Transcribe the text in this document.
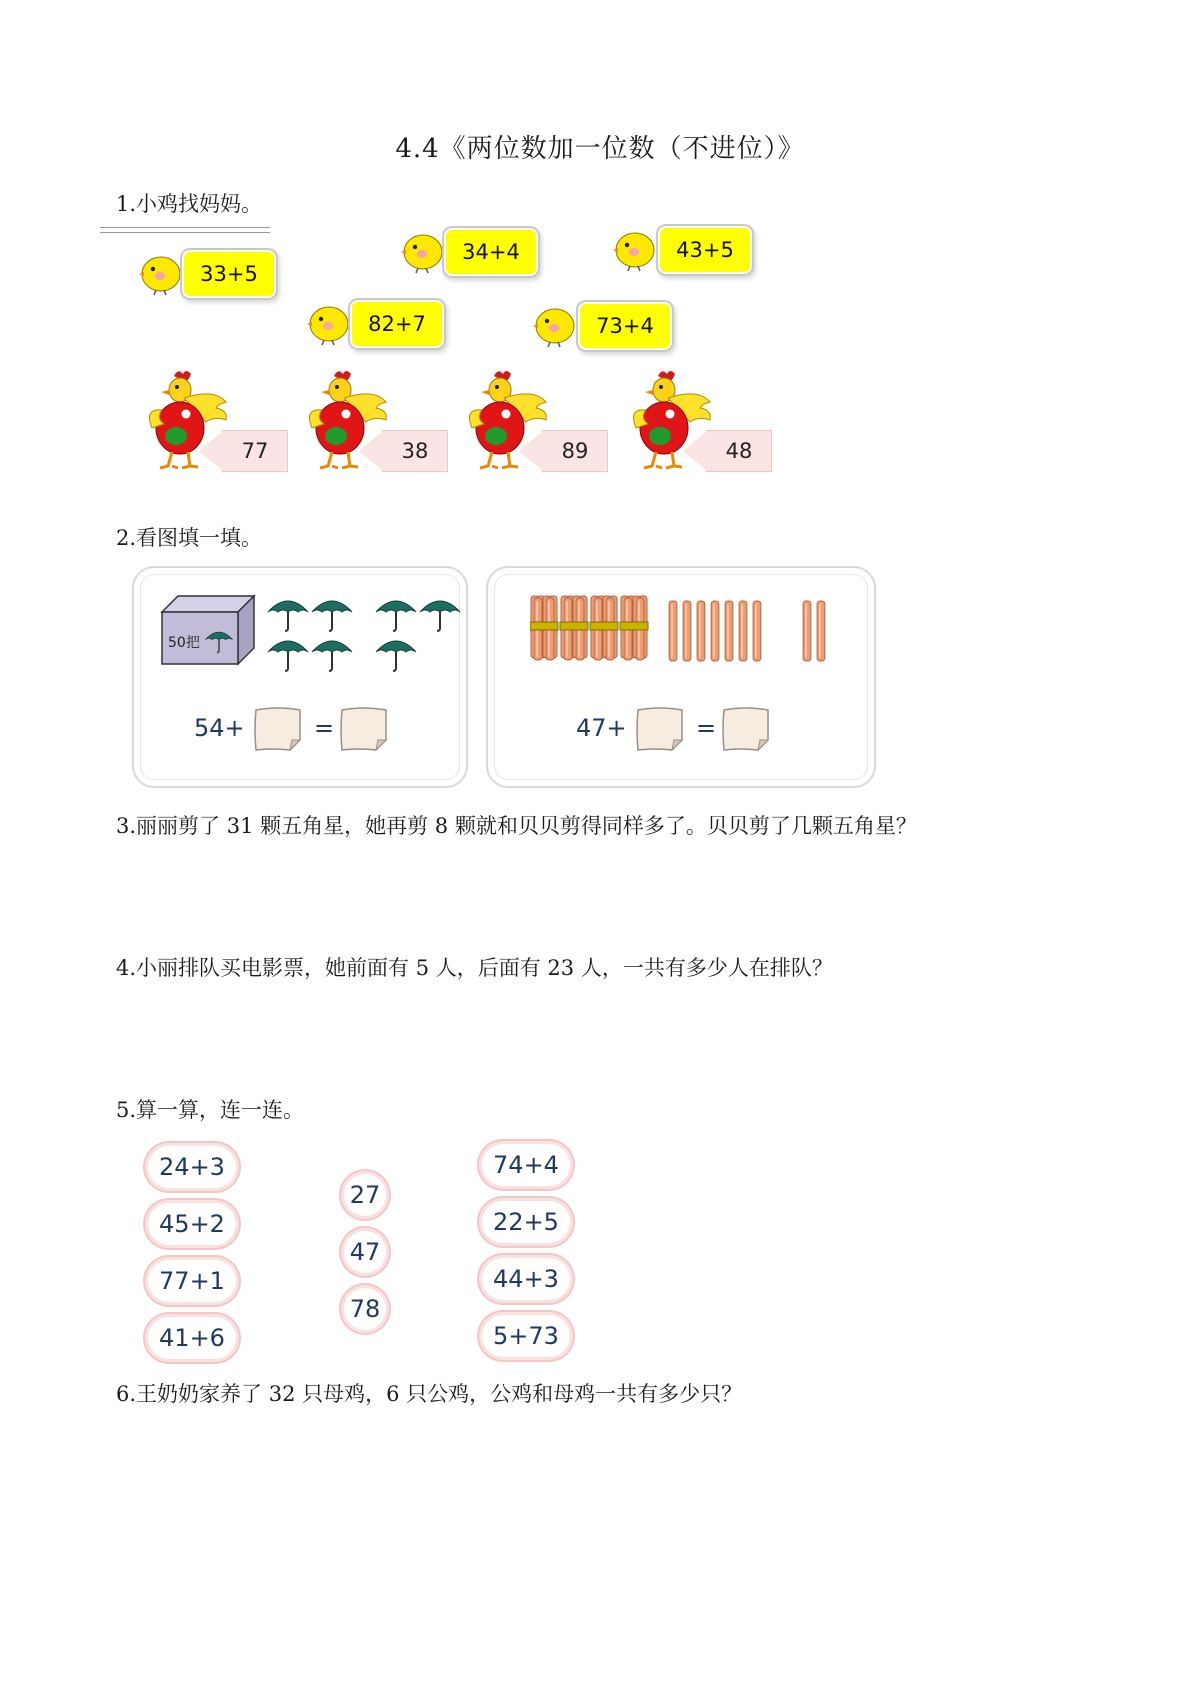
4.4《两位数加一位数（不进位）》
1.小鸡找妈妈。
33+5
34+4	43+5
82+7	73+4
77	38	89	48
2.看图填一填。
50把
54+	=	47+	=
3.丽丽剪了 31 颗五角星，她再剪 8 颗就和贝贝剪得同样多了。贝贝剪了几颗五角星？
4.小丽排队买电影票，她前面有 5 人，后面有 23 人，一共有多少人在排队？
5.算一算，连一连。
24+3
45+2
77+1
41+6
27
47
78
74+4
22+5
44+3
5+73
6.王奶奶家养了 32 只母鸡，6 只公鸡，公鸡和母鸡一共有多少只？
